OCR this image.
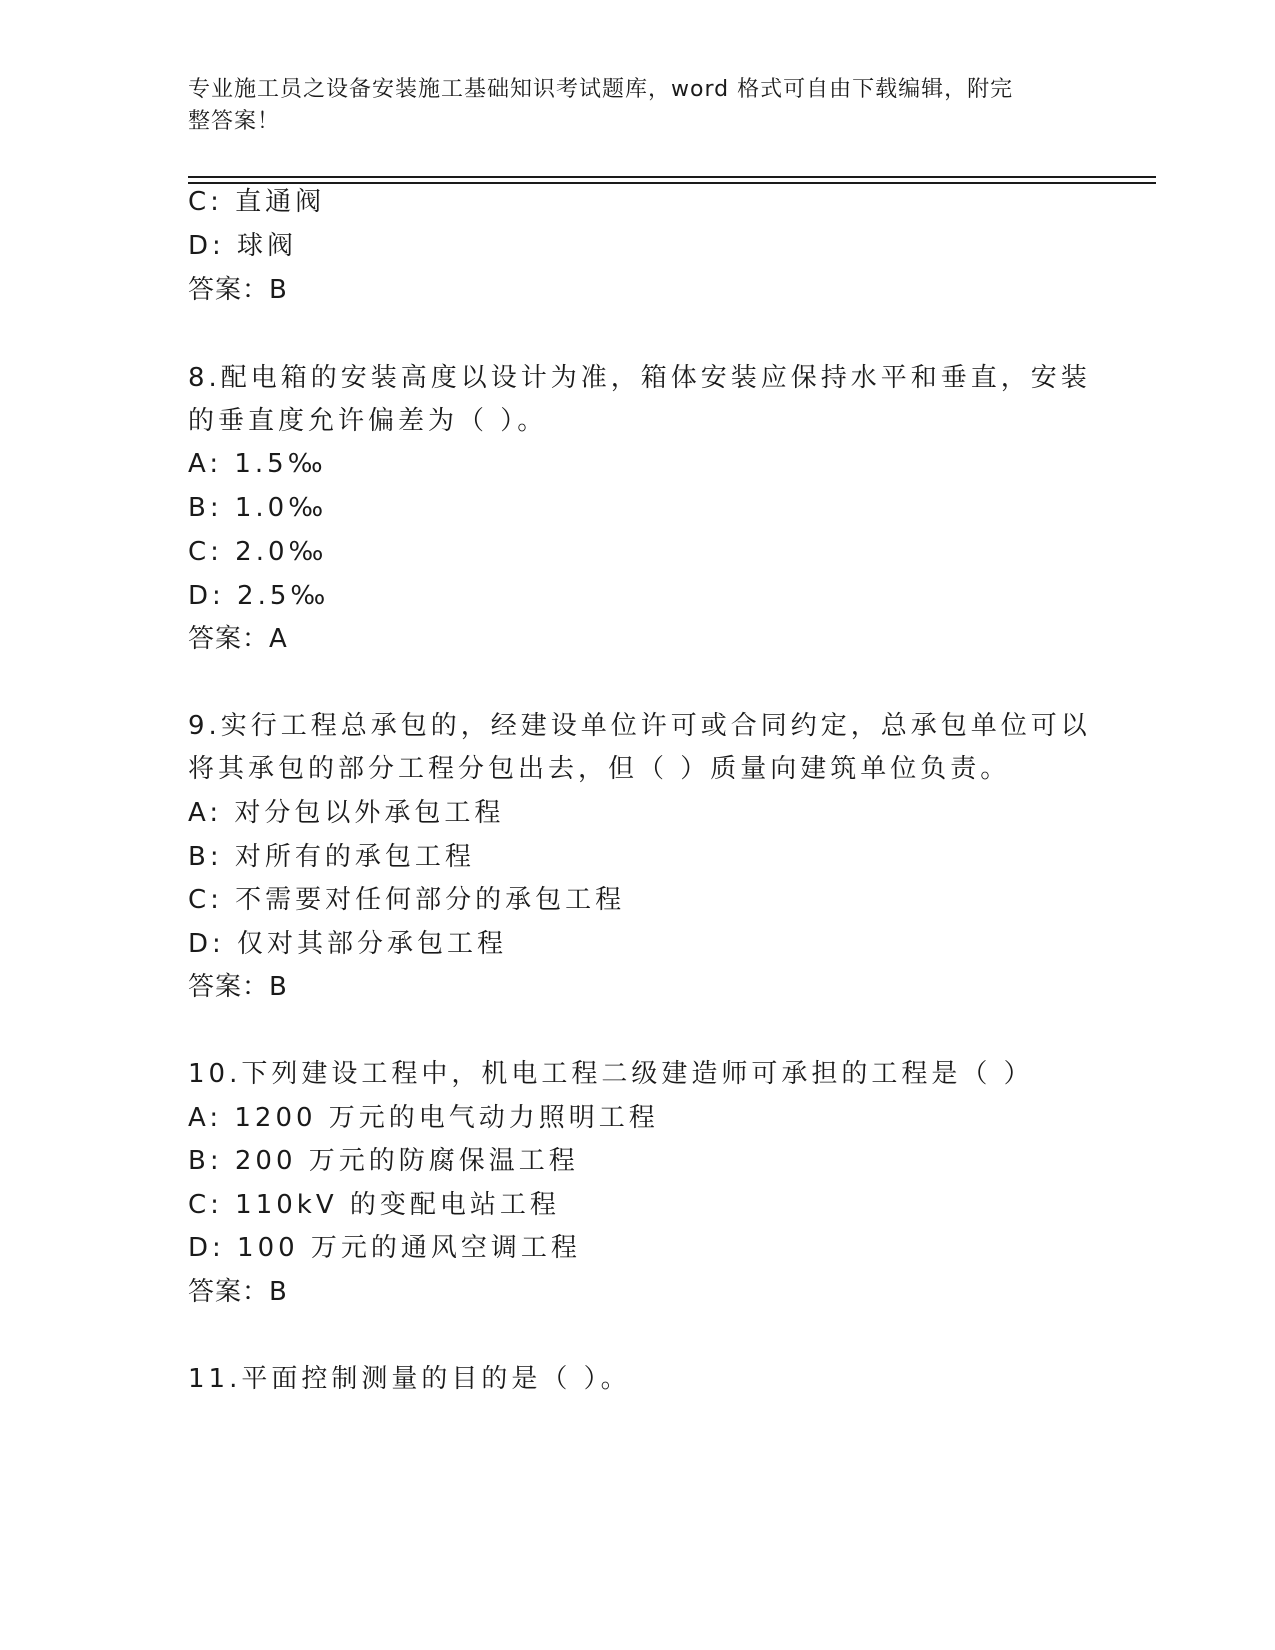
专业施工员之设备安装施工基础知识考试题库，word 格式可自由下载编辑，附完
整答案！
C: 直通阀
D: 球阀
答案：B
8.配电箱的安装高度以设计为准，箱体安装应保持水平和垂直，安装
的垂直度允许偏差为（ ）。
A: 1.5‰
B: 1.0‰
C: 2.0‰
D: 2.5‰
答案：A
9.实行工程总承包的，经建设单位许可或合同约定，总承包单位可以
将其承包的部分工程分包出去，但（ ）质量向建筑单位负责。
A: 对分包以外承包工程
B: 对所有的承包工程
C: 不需要对任何部分的承包工程
D: 仅对其部分承包工程
答案：B
10.下列建设工程中，机电工程二级建造师可承担的工程是（ ）
A: 1200 万元的电气动力照明工程
B: 200 万元的防腐保温工程
C: 110kV 的变配电站工程
D: 100 万元的通风空调工程
答案：B
11.平面控制测量的目的是（ ）。
